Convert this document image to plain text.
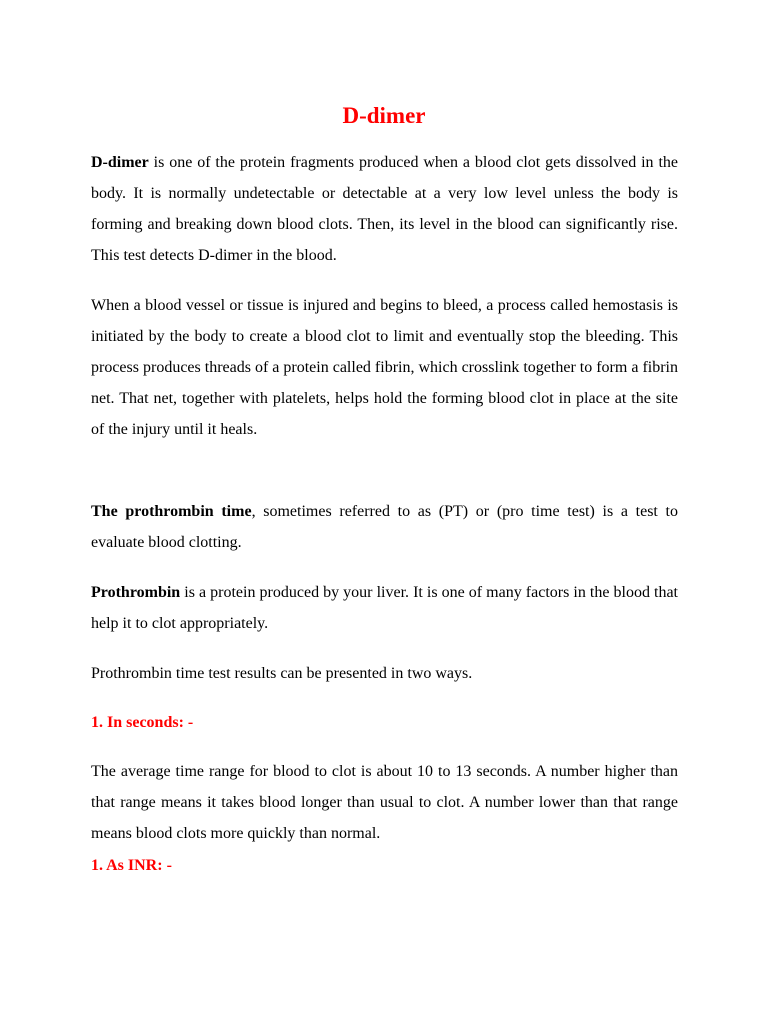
D-dimer

D-dimer is one of the protein fragments produced when a blood clot gets dissolved in the body. It is normally undetectable or detectable at a very low level unless the body is forming and breaking down blood clots. Then, its level in the blood can significantly rise. This test detects D-dimer in the blood.

When a blood vessel or tissue is injured and begins to bleed, a process called hemostasis is initiated by the body to create a blood clot to limit and eventually stop the bleeding. This process produces threads of a protein called fibrin, which crosslink together to form a fibrin net. That net, together with platelets, helps hold the forming blood clot in place at the site of the injury until it heals.

The prothrombin time, sometimes referred to as (PT) or (pro time test) is a test to evaluate blood clotting.

Prothrombin is a protein produced by your liver. It is one of many factors in the blood that help it to clot appropriately.

Prothrombin time test results can be presented in two ways.

1. In seconds: -

The average time range for blood to clot is about 10 to 13 seconds. A number higher than that range means it takes blood longer than usual to clot. A number lower than that range means blood clots more quickly than normal.

1. As INR: -
